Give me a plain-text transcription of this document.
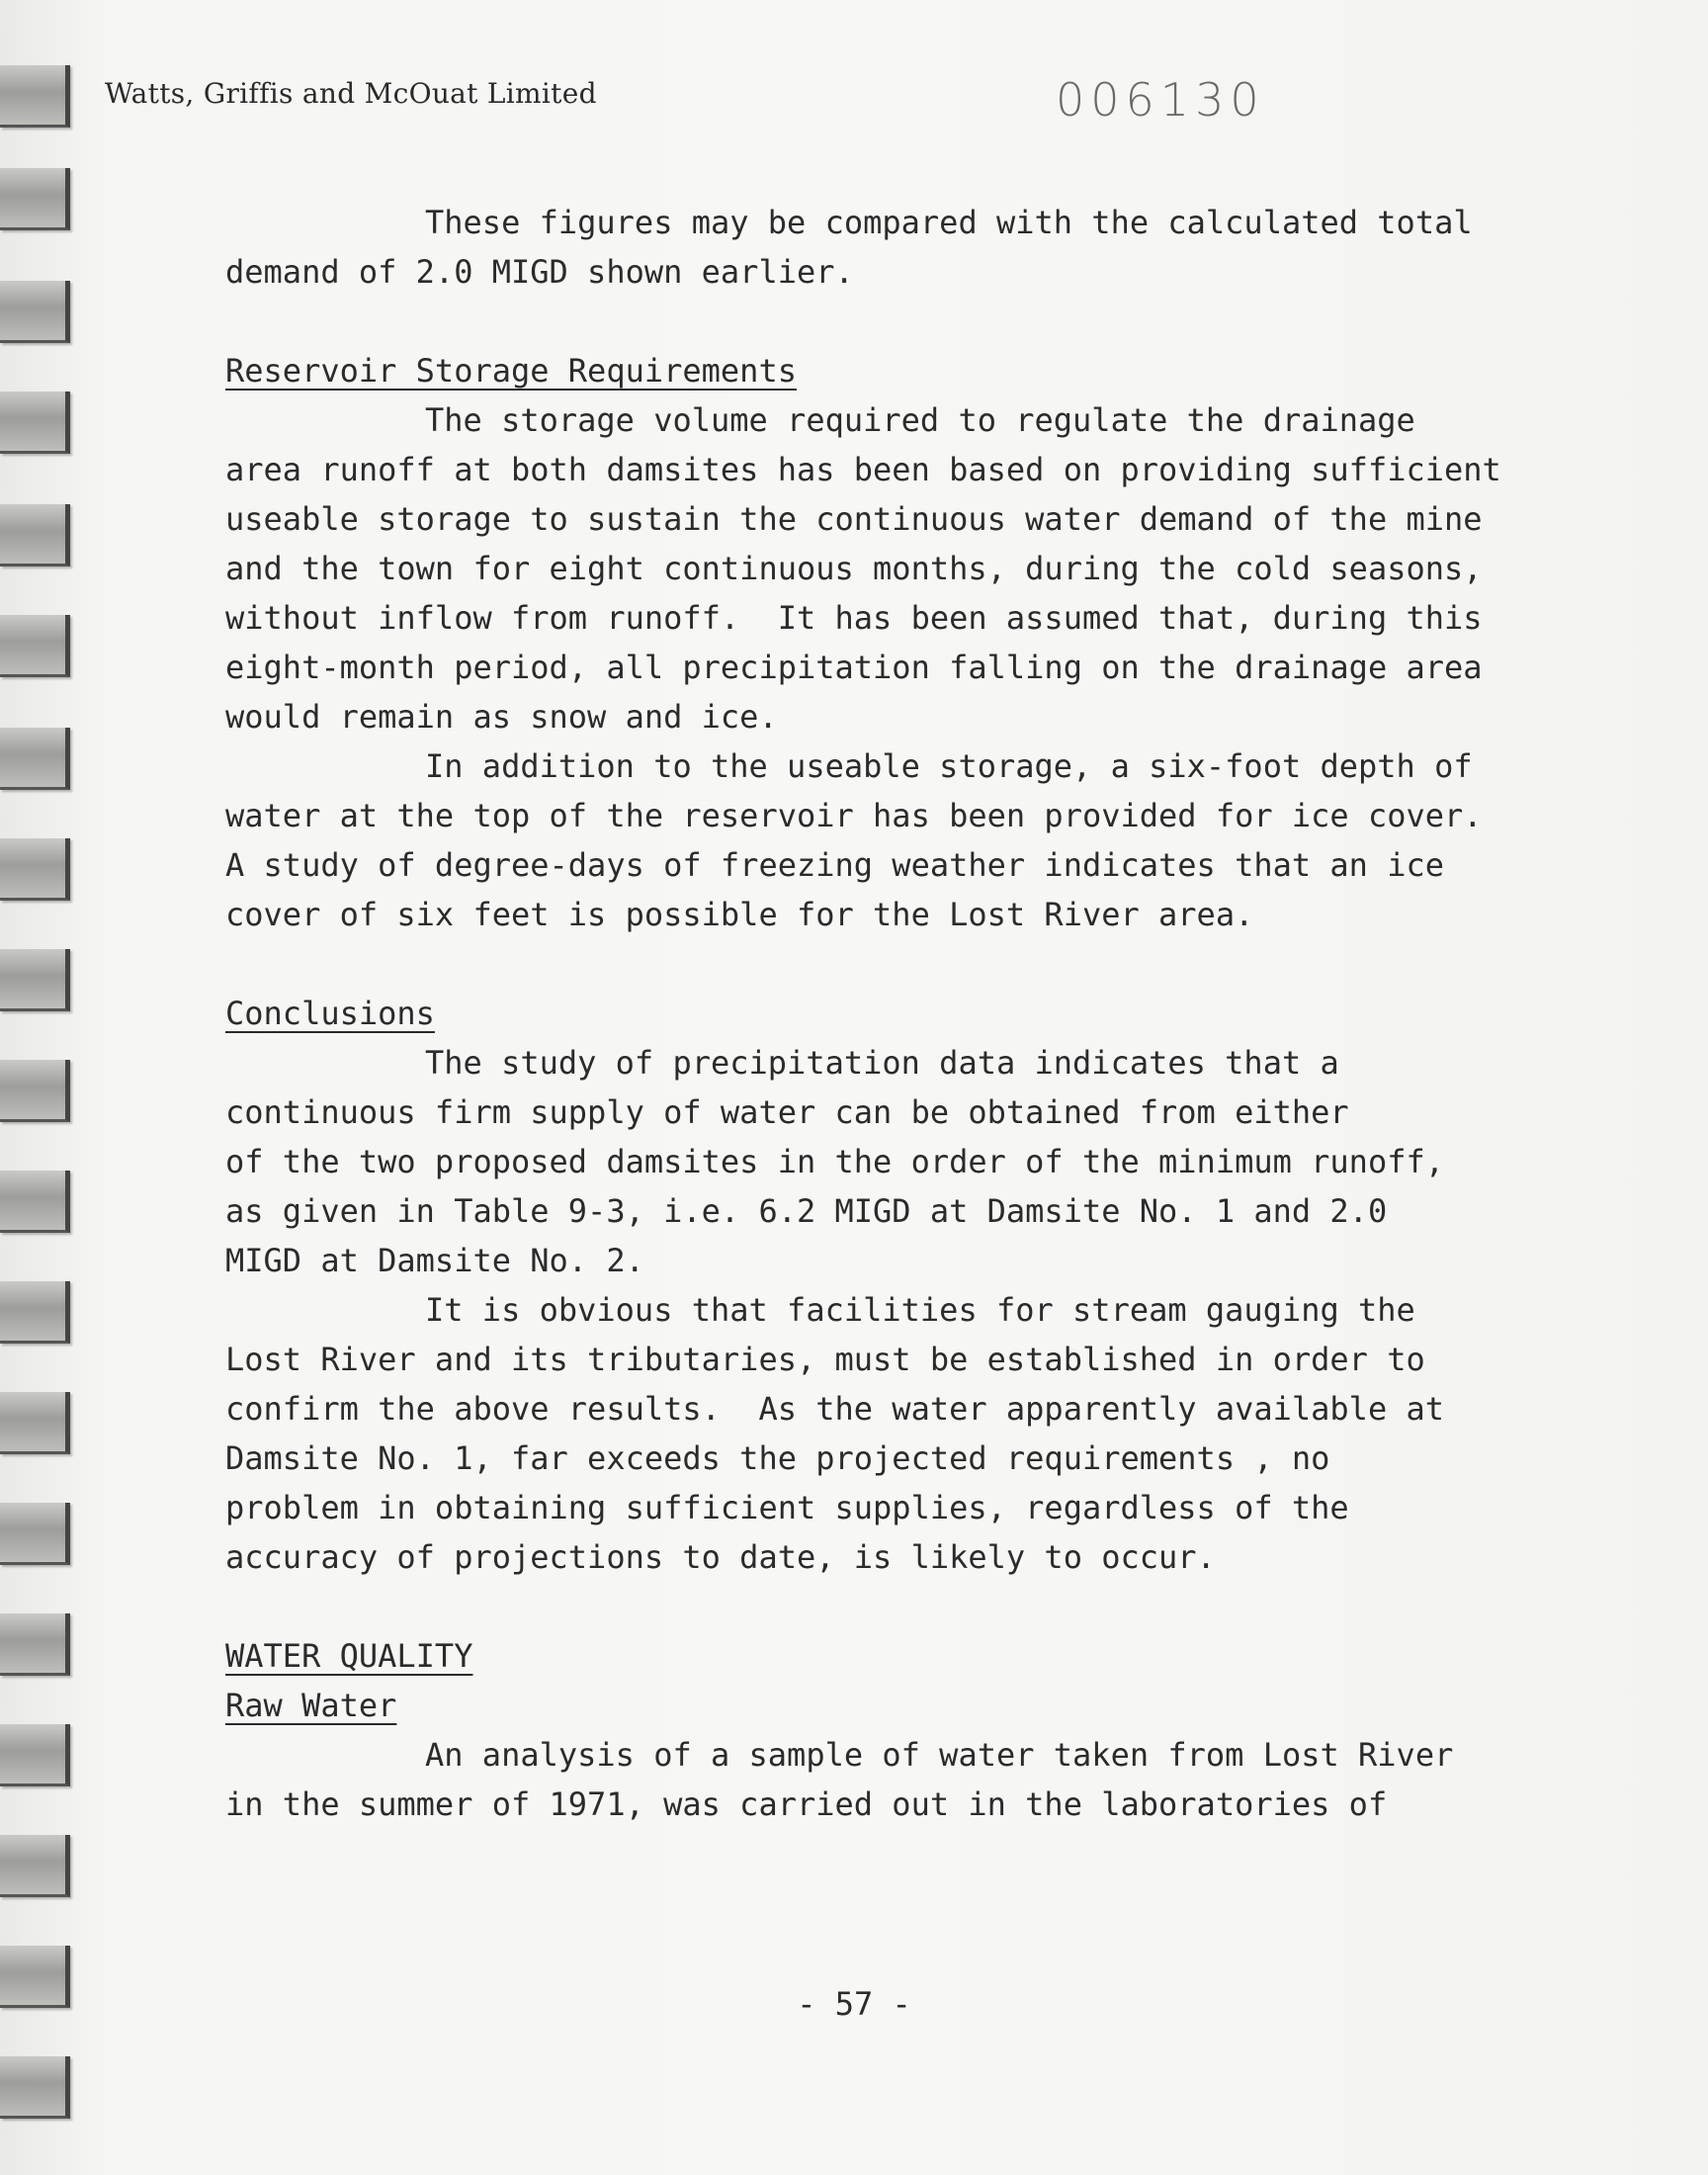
Watts, Griffis and McOuat Limited	006130
These figures may be compared with the calculated total
demand of 2.0 MIGD shown earlier.
Reservoir Storage Requirements
The storage volume required to regulate the drainage
area runoff at both damsites has been based on providing sufficient
useable storage to sustain the continuous water demand of the mine
and the town for eight continuous months, during the cold seasons,
without inflow from runoff.  It has been assumed that, during this
eight-month period, all precipitation falling on the drainage area
would remain as snow and ice.
In addition to the useable storage, a six-foot depth of
water at the top of the reservoir has been provided for ice cover.
A study of degree-days of freezing weather indicates that an ice
cover of six feet is possible for the Lost River area.
Conclusions
The study of precipitation data indicates that a
continuous firm supply of water can be obtained from either
of the two proposed damsites in the order of the minimum runoff,
as given in Table 9-3, i.e. 6.2 MIGD at Damsite No. 1 and 2.0
MIGD at Damsite No. 2.
It is obvious that facilities for stream gauging the
Lost River and its tributaries, must be established in order to
confirm the above results.  As the water apparently available at
Damsite No. 1, far exceeds the projected requirements , no
problem in obtaining sufficient supplies, regardless of the
accuracy of projections to date, is likely to occur.
WATER QUALITY
Raw Water
An analysis of a sample of water taken from Lost River
in the summer of 1971, was carried out in the laboratories of
- 57 -
